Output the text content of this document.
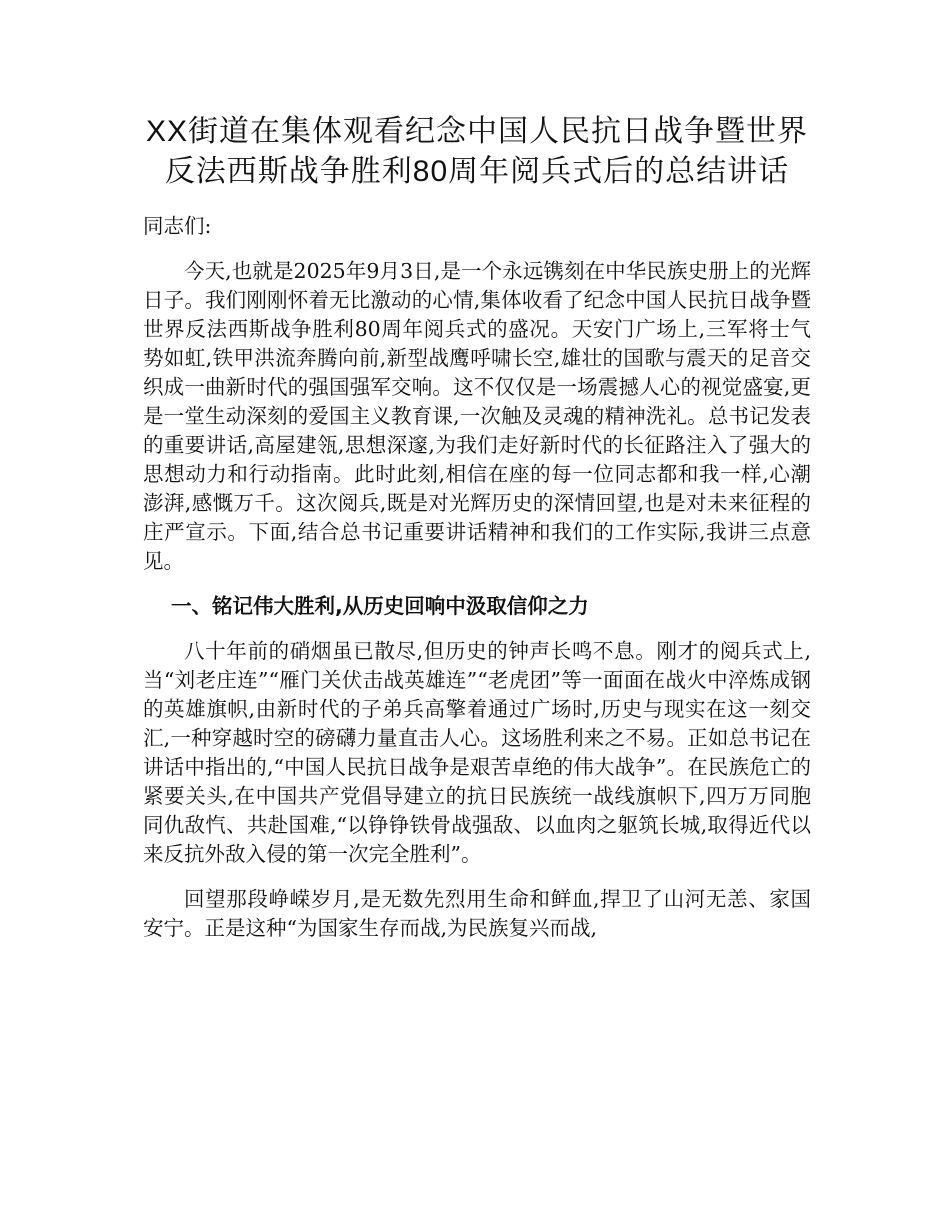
XX街道在集体观看纪念中国人民抗日战争暨世界反法西斯战争胜利80周年阅兵式后的总结讲话

同志们:

今天,也就是2025年9月3日,是一个永远镌刻在中华民族史册上的光辉日子。我们刚刚怀着无比激动的心情,集体收看了纪念中国人民抗日战争暨世界反法西斯战争胜利80周年阅兵式的盛况。天安门广场上,三军将士气势如虹,铁甲洪流奔腾向前,新型战鹰呼啸长空,雄壮的国歌与震天的足音交织成一曲新时代的强国强军交响。这不仅仅是一场震撼人心的视觉盛宴,更是一堂生动深刻的爱国主义教育课,一次触及灵魂的精神洗礼。总书记发表的重要讲话,高屋建瓴,思想深邃,为我们走好新时代的长征路注入了强大的思想动力和行动指南。此时此刻,相信在座的每一位同志都和我一样,心潮澎湃,感慨万千。这次阅兵,既是对光辉历史的深情回望,也是对未来征程的庄严宣示。下面,结合总书记重要讲话精神和我们的工作实际,我讲三点意见。

一、铭记伟大胜利,从历史回响中汲取信仰之力

八十年前的硝烟虽已散尽,但历史的钟声长鸣不息。刚才的阅兵式上,当“刘老庄连”“雁门关伏击战英雄连”“老虎团”等一面面在战火中淬炼成钢的英雄旗帜,由新时代的子弟兵高擎着通过广场时,历史与现实在这一刻交汇,一种穿越时空的磅礴力量直击人心。这场胜利来之不易。正如总书记在讲话中指出的,“中国人民抗日战争是艰苦卓绝的伟大战争”。在民族危亡的紧要关头,在中国共产党倡导建立的抗日民族统一战线旗帜下,四万万同胞同仇敌忾、共赴国难,“以铮铮铁骨战强敌、以血肉之躯筑长城,取得近代以来反抗外敌入侵的第一次完全胜利”。

回望那段峥嵘岁月,是无数先烈用生命和鲜血,捍卫了山河无恙、家国安宁。正是这种“为国家生存而战,为民族复兴而战,
